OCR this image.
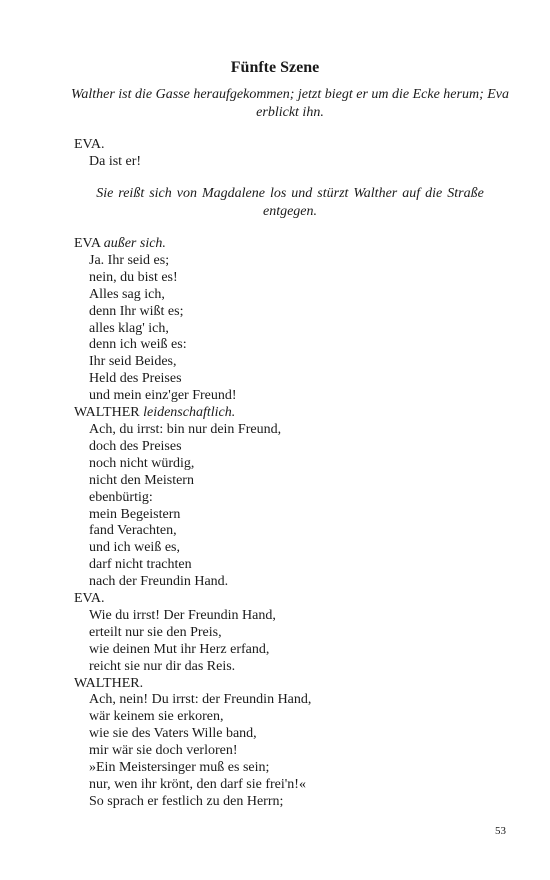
Fünfte Szene
Walther ist die Gasse heraufgekommen; jetzt biegt er um die Ecke herum; Eva erblickt ihn.
EVA.
Da ist er!
Sie reißt sich von Magdalene los und stürzt Walther auf die Straße entgegen.
EVA außer sich.
Ja. Ihr seid es;
nein, du bist es!
Alles sag ich,
denn Ihr wißt es;
alles klag' ich,
denn ich weiß es:
Ihr seid Beides,
Held des Preises
und mein einz'ger Freund!
WALTHER leidenschaftlich.
Ach, du irrst: bin nur dein Freund,
doch des Preises
noch nicht würdig,
nicht den Meistern
ebenbürtig:
mein Begeistern
fand Verachten,
und ich weiß es,
darf nicht trachten
nach der Freundin Hand.
EVA.
Wie du irrst! Der Freundin Hand,
erteilt nur sie den Preis,
wie deinen Mut ihr Herz erfand,
reicht sie nur dir das Reis.
WALTHER.
Ach, nein! Du irrst: der Freundin Hand,
wär keinem sie erkoren,
wie sie des Vaters Wille band,
mir wär sie doch verloren!
»Ein Meistersinger muß es sein;
nur, wen ihr krönt, den darf sie frei'n!«
So sprach er festlich zu den Herrn;
53
